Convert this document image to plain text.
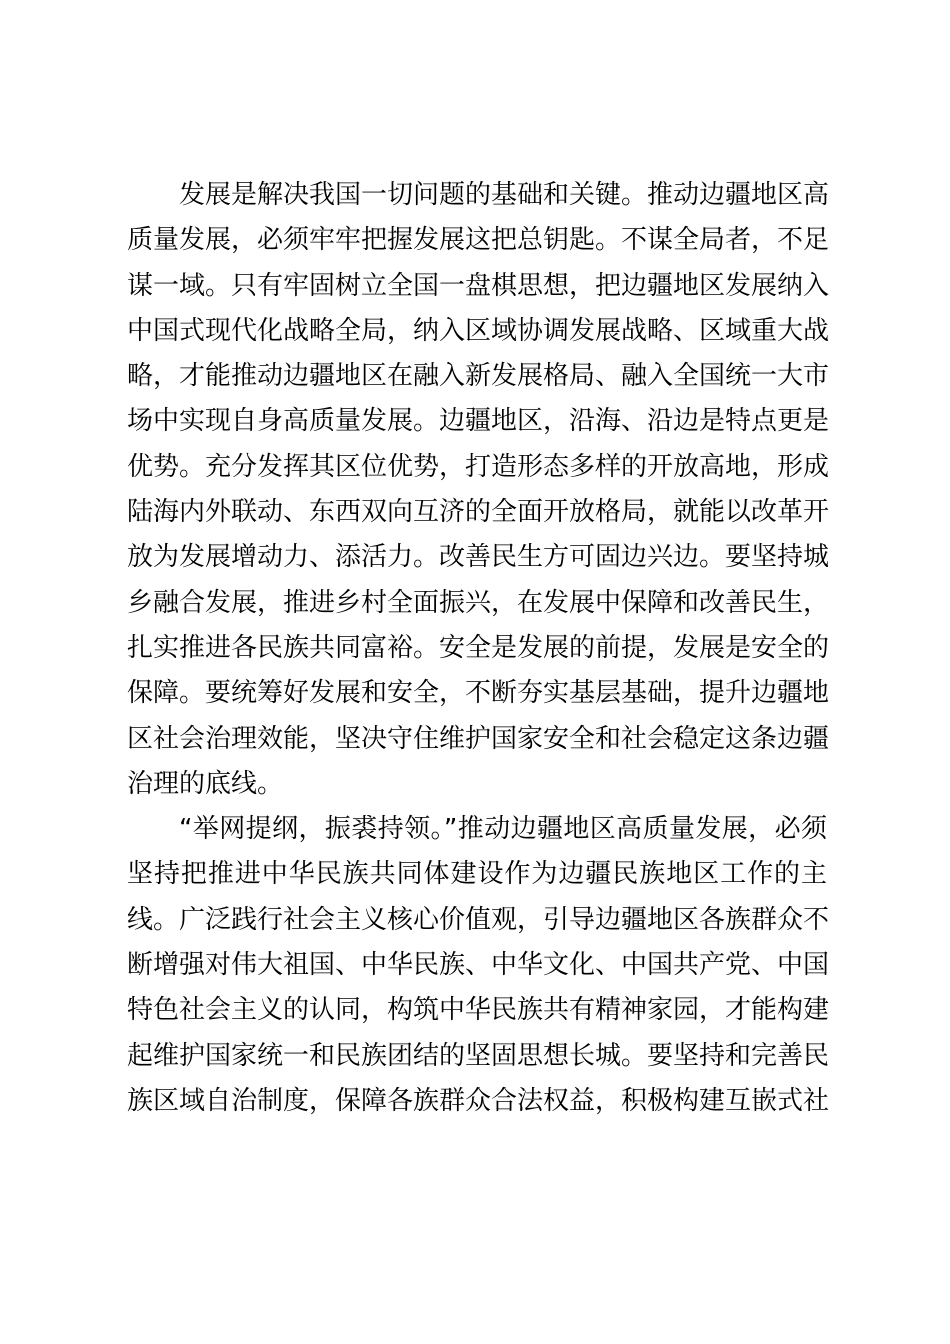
发展是解决我国一切问题的基础和关键。推动边疆地区高
质量发展，必须牢牢把握发展这把总钥匙。不谋全局者，不足
谋一域。只有牢固树立全国一盘棋思想，把边疆地区发展纳入
中国式现代化战略全局，纳入区域协调发展战略、区域重大战
略，才能推动边疆地区在融入新发展格局、融入全国统一大市
场中实现自身高质量发展。边疆地区，沿海、沿边是特点更是
优势。充分发挥其区位优势，打造形态多样的开放高地，形成
陆海内外联动、东西双向互济的全面开放格局，就能以改革开
放为发展增动力、添活力。改善民生方可固边兴边。要坚持城
乡融合发展，推进乡村全面振兴，在发展中保障和改善民生，
扎实推进各民族共同富裕。安全是发展的前提，发展是安全的
保障。要统筹好发展和安全，不断夯实基层基础，提升边疆地
区社会治理效能，坚决守住维护国家安全和社会稳定这条边疆
治理的底线。
“举网提纲，振裘持领。”推动边疆地区高质量发展，必须
坚持把推进中华民族共同体建设作为边疆民族地区工作的主
线。广泛践行社会主义核心价值观，引导边疆地区各族群众不
断增强对伟大祖国、中华民族、中华文化、中国共产党、中国
特色社会主义的认同，构筑中华民族共有精神家园，才能构建
起维护国家统一和民族团结的坚固思想长城。要坚持和完善民
族区域自治制度，保障各族群众合法权益，积极构建互嵌式社
